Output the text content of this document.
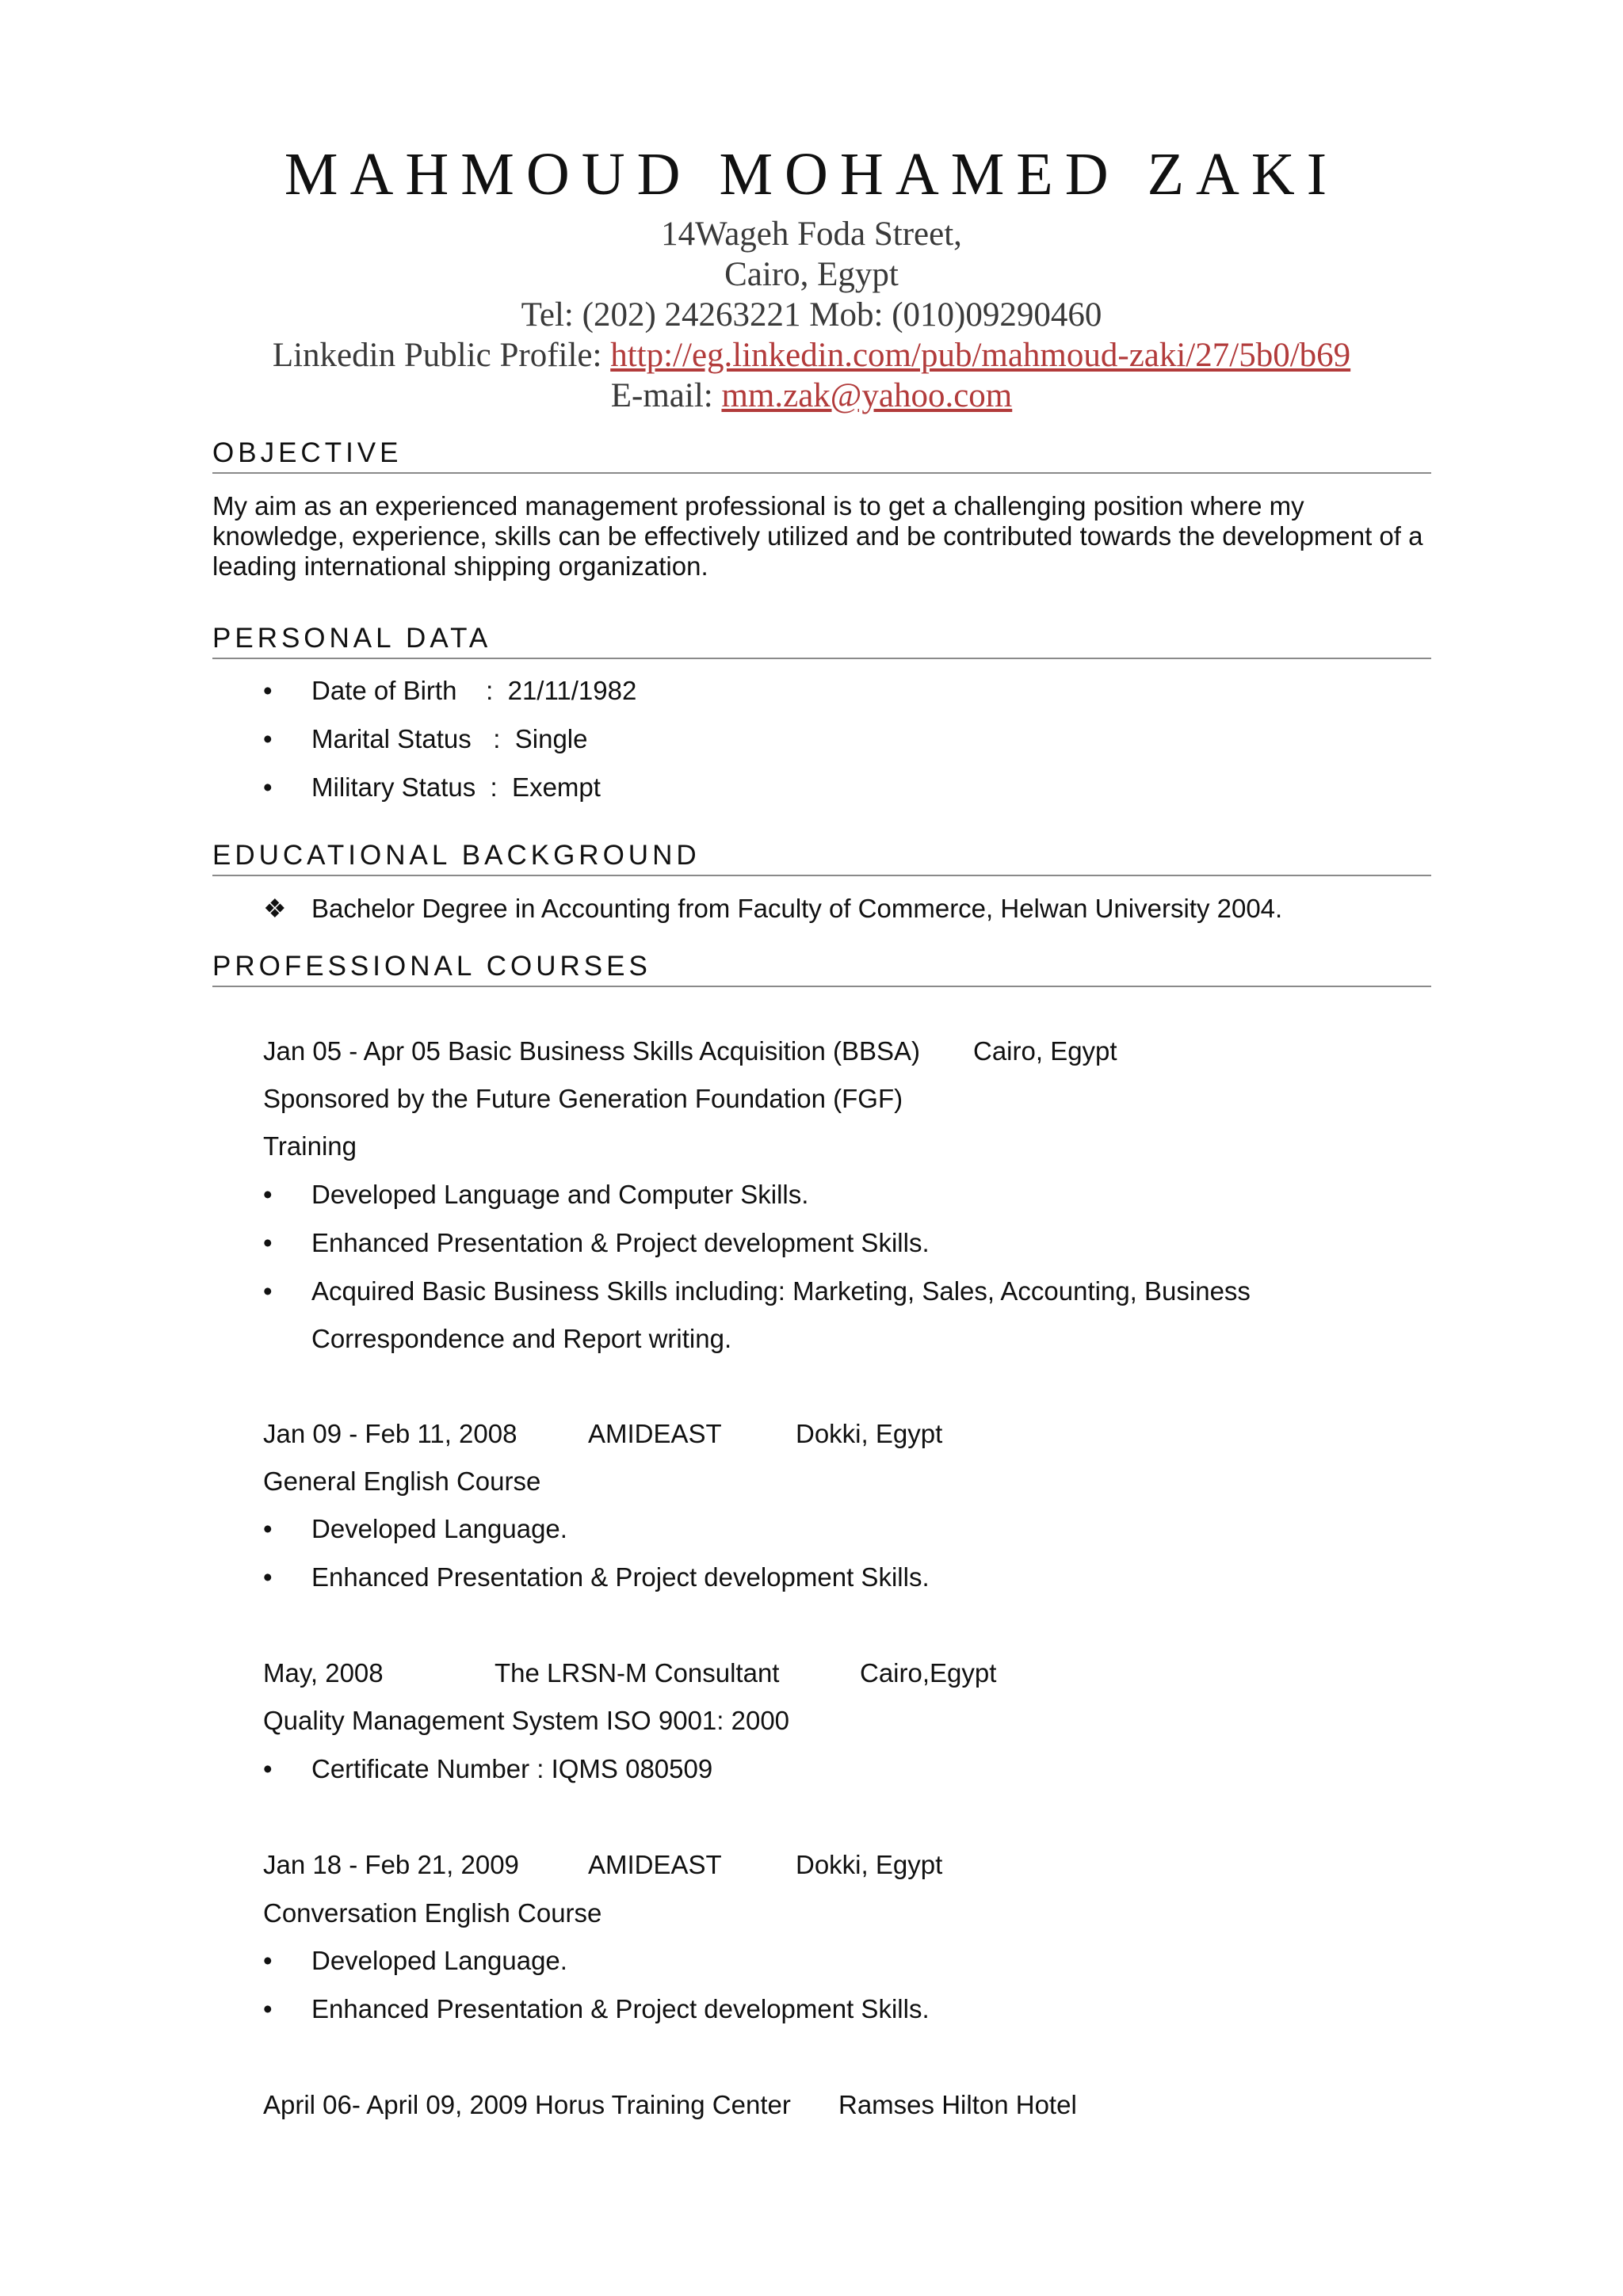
MAHMOUD MOHAMED ZAKI
14Wageh Foda Street,
Cairo, Egypt
Tel: (202) 24263221 Mob: (010)09290460
Linkedin Public Profile: http://eg.linkedin.com/pub/mahmoud-zaki/27/5b0/b69
E-mail: mm.zak@yahoo.com
OBJECTIVE
My aim as an experienced management professional is to get a challenging position where my knowledge, experience, skills can be effectively utilized and be contributed towards the development of a leading international shipping organization.
PERSONAL DATA
• Date of Birth    :  21/11/1982
• Marital Status   :  Single
• Military Status  :  Exempt
EDUCATIONAL BACKGROUND
❖ Bachelor Degree in Accounting from Faculty of Commerce, Helwan University 2004.
PROFESSIONAL COURSES
Jan 05 - Apr 05 Basic Business Skills Acquisition (BBSA) Cairo, Egypt
Sponsored by the Future Generation Foundation (FGF)
Training
• Developed Language and Computer Skills.
• Enhanced Presentation & Project development Skills.
• Acquired Basic Business Skills including: Marketing, Sales, Accounting, Business
Correspondence and Report writing.
Jan 09 - Feb 11, 2008	AMIDEAST	Dokki, Egypt
General English Course
• Developed Language.
• Enhanced Presentation & Project development Skills.
May, 2008	The LRSN-M Consultant	Cairo,Egypt
Quality Management System ISO 9001: 2000
• Certificate Number : IQMS 080509
Jan 18 - Feb 21, 2009	AMIDEAST	Dokki, Egypt
Conversation English Course
• Developed Language.
• Enhanced Presentation & Project development Skills.
April 06- April 09, 2009 Horus Training Center Ramses Hilton Hotel
